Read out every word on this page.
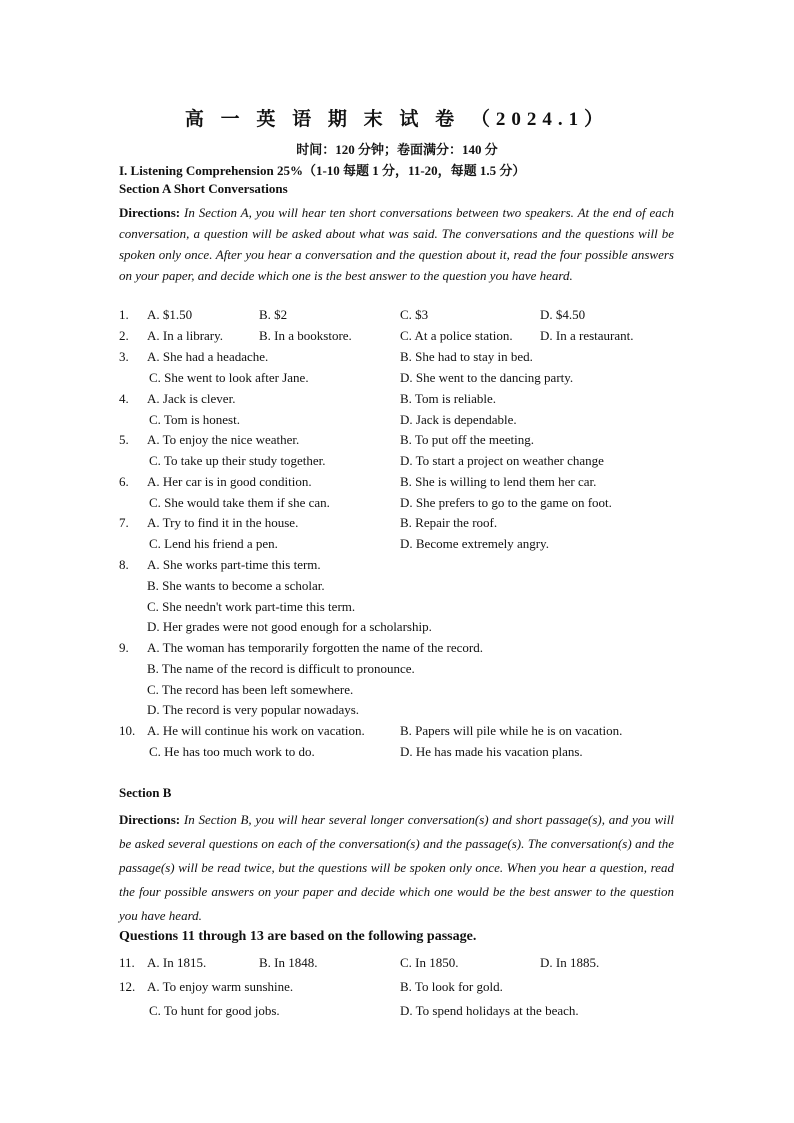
高 一 英 语 期 末 试 卷 （2024.1）
时间：120 分钟；卷面满分：140 分
I. Listening Comprehension 25%（1-10 每题 1 分，11-20，每题 1.5 分）
Section A Short Conversations
Directions: In Section A, you will hear ten short conversations between two speakers. At the end of each conversation, a question will be asked about what was said. The conversations and the questions will be spoken only once. After you hear a conversation and the question about it, read the four possible answers on your paper, and decide which one is the best answer to the question you have heard.
1. A. $1.50	B. $2	C. $3	D. $4.50
2. A. In a library.	B. In a bookstore.	C. At a police station. D. In a restaurant.
3. A. She had a headache.	B. She had to stay in bed.
C. She went to look after Jane.	D. She went to the dancing party.
4. A. Jack is clever.	B. Tom is reliable.
C. Tom is honest.	D. Jack is dependable.
5. A. To enjoy the nice weather.	B. To put off the meeting.
C. To take up their study together.	D. To start a project on weather change
6. A. Her car is in good condition.	B. She is willing to lend them her car.
C. She would take them if she can.	D. She prefers to go to the game on foot.
7. A. Try to find it in the house.	B. Repair the roof.
C. Lend his friend a pen.	D. Become extremely angry.
8. A. She works part-time this term.
B. She wants to become a scholar.
C. She needn't work part-time this term.
D. Her grades were not good enough for a scholarship.
9. A. The woman has temporarily forgotten the name of the record.
B. The name of the record is difficult to pronounce.
C. The record has been left somewhere.
D. The record is very popular nowadays.
10. A. He will continue his work on vacation.	B. Papers will pile while he is on vacation.
C. He has too much work to do.	D. He has made his vacation plans.
Section B
Directions: In Section B, you will hear several longer conversation(s) and short passage(s), and you will be asked several questions on each of the conversation(s) and the passage(s). The conversation(s) and the passage(s) will be read twice, but the questions will be spoken only once. When you hear a question, read the four possible answers on your paper and decide which one would be the best answer to the question you have heard.
Questions 11 through 13 are based on the following passage.
11. A. In 1815.	B. In 1848.	C. In 1850.	D. In 1885.
12. A. To enjoy warm sunshine.	B. To look for gold.
C. To hunt for good jobs.	D. To spend holidays at the beach.
